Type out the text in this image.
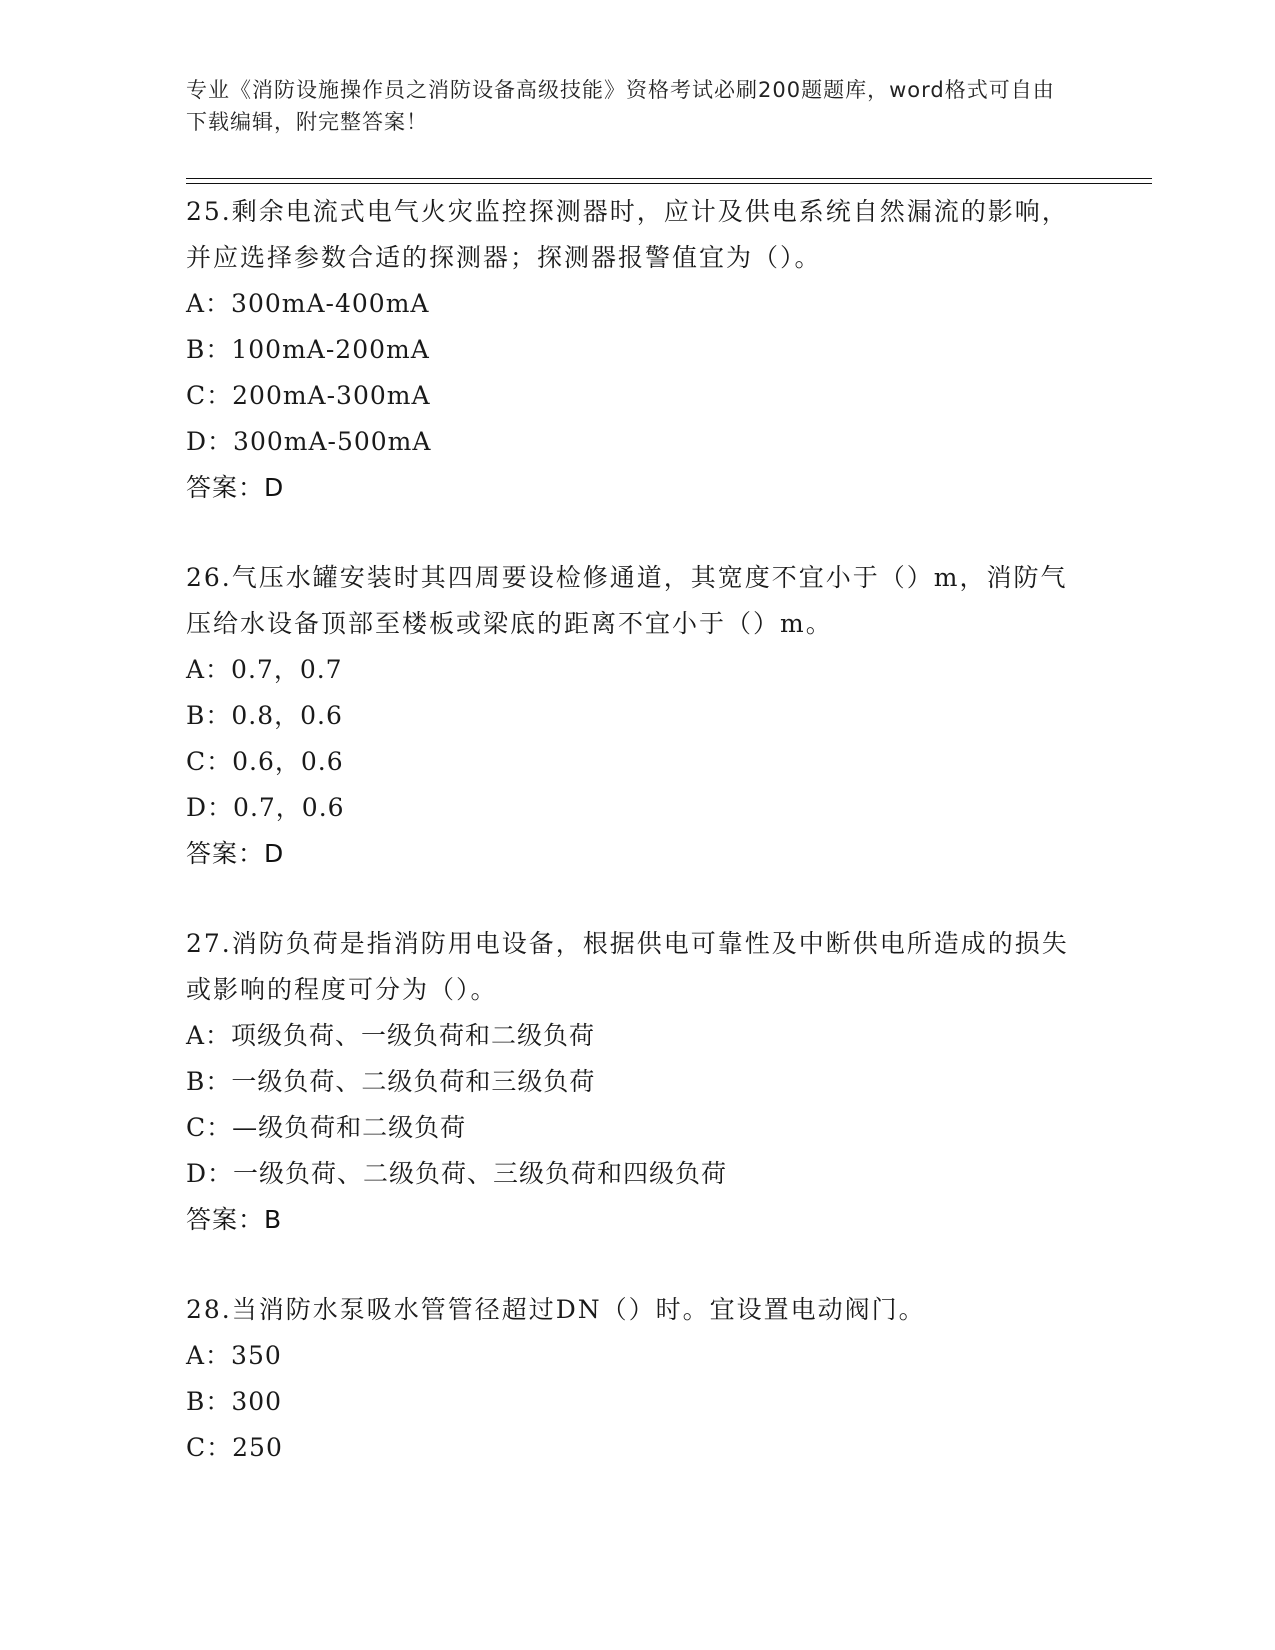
专业《消防设施操作员之消防设备高级技能》资格考试必刷200题题库，word格式可自由下载编辑，附完整答案！
25.剩余电流式电气火灾监控探测器时，应计及供电系统自然漏流的影响，并应选择参数合适的探测器；探测器报警值宜为（）。
A：300mA-400mA
B：100mA-200mA
C：200mA-300mA
D：300mA-500mA
答案：D
26.气压水罐安装时其四周要设检修通道，其宽度不宜小于（）m，消防气压给水设备顶部至楼板或梁底的距离不宜小于（）m。
A：0.7，0.7
B：0.8，0.6
C：0.6，0.6
D：0.7，0.6
答案：D
27.消防负荷是指消防用电设备，根据供电可靠性及中断供电所造成的损失或影响的程度可分为（）。
A：项级负荷、一级负荷和二级负荷
B：一级负荷、二级负荷和三级负荷
C：—级负荷和二级负荷
D：一级负荷、二级负荷、三级负荷和四级负荷
答案：B
28.当消防水泵吸水管管径超过DN（）时。宜设置电动阀门。
A：350
B：300
C：250
